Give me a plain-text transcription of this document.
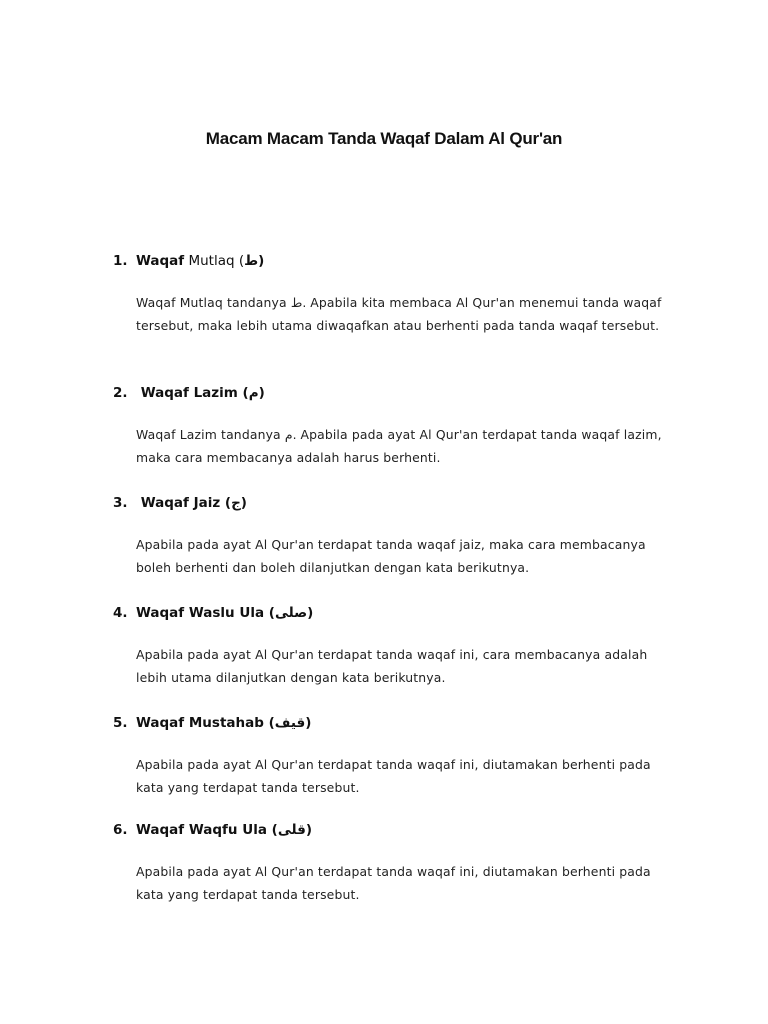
Macam Macam Tanda Waqaf Dalam Al Qur'an
1. Waqaf Mutlaq (ط)
Waqaf Mutlaq tandanya ط. Apabila kita membaca Al Qur'an menemui tanda waqaf tersebut, maka lebih utama diwaqafkan atau berhenti pada tanda waqaf tersebut.
2. Waqaf Lazim (م)
Waqaf Lazim tandanya م. Apabila pada ayat Al Qur'an terdapat tanda waqaf lazim, maka cara membacanya adalah harus berhenti.
3. Waqaf Jaiz (ج)
Apabila pada ayat Al Qur'an terdapat tanda waqaf jaiz, maka cara membacanya boleh berhenti dan boleh dilanjutkan dengan kata berikutnya.
4. Waqaf Waslu Ula (صلى)
Apabila pada ayat Al Qur'an terdapat tanda waqaf ini, cara membacanya adalah lebih utama dilanjutkan dengan kata berikutnya.
5. Waqaf Mustahab (قيف)
Apabila pada ayat Al Qur'an terdapat tanda waqaf ini, diutamakan berhenti pada kata yang terdapat tanda tersebut.
6. Waqaf Waqfu Ula (قلى)
Apabila pada ayat Al Qur'an terdapat tanda waqaf ini, diutamakan berhenti pada kata yang terdapat tanda tersebut.
